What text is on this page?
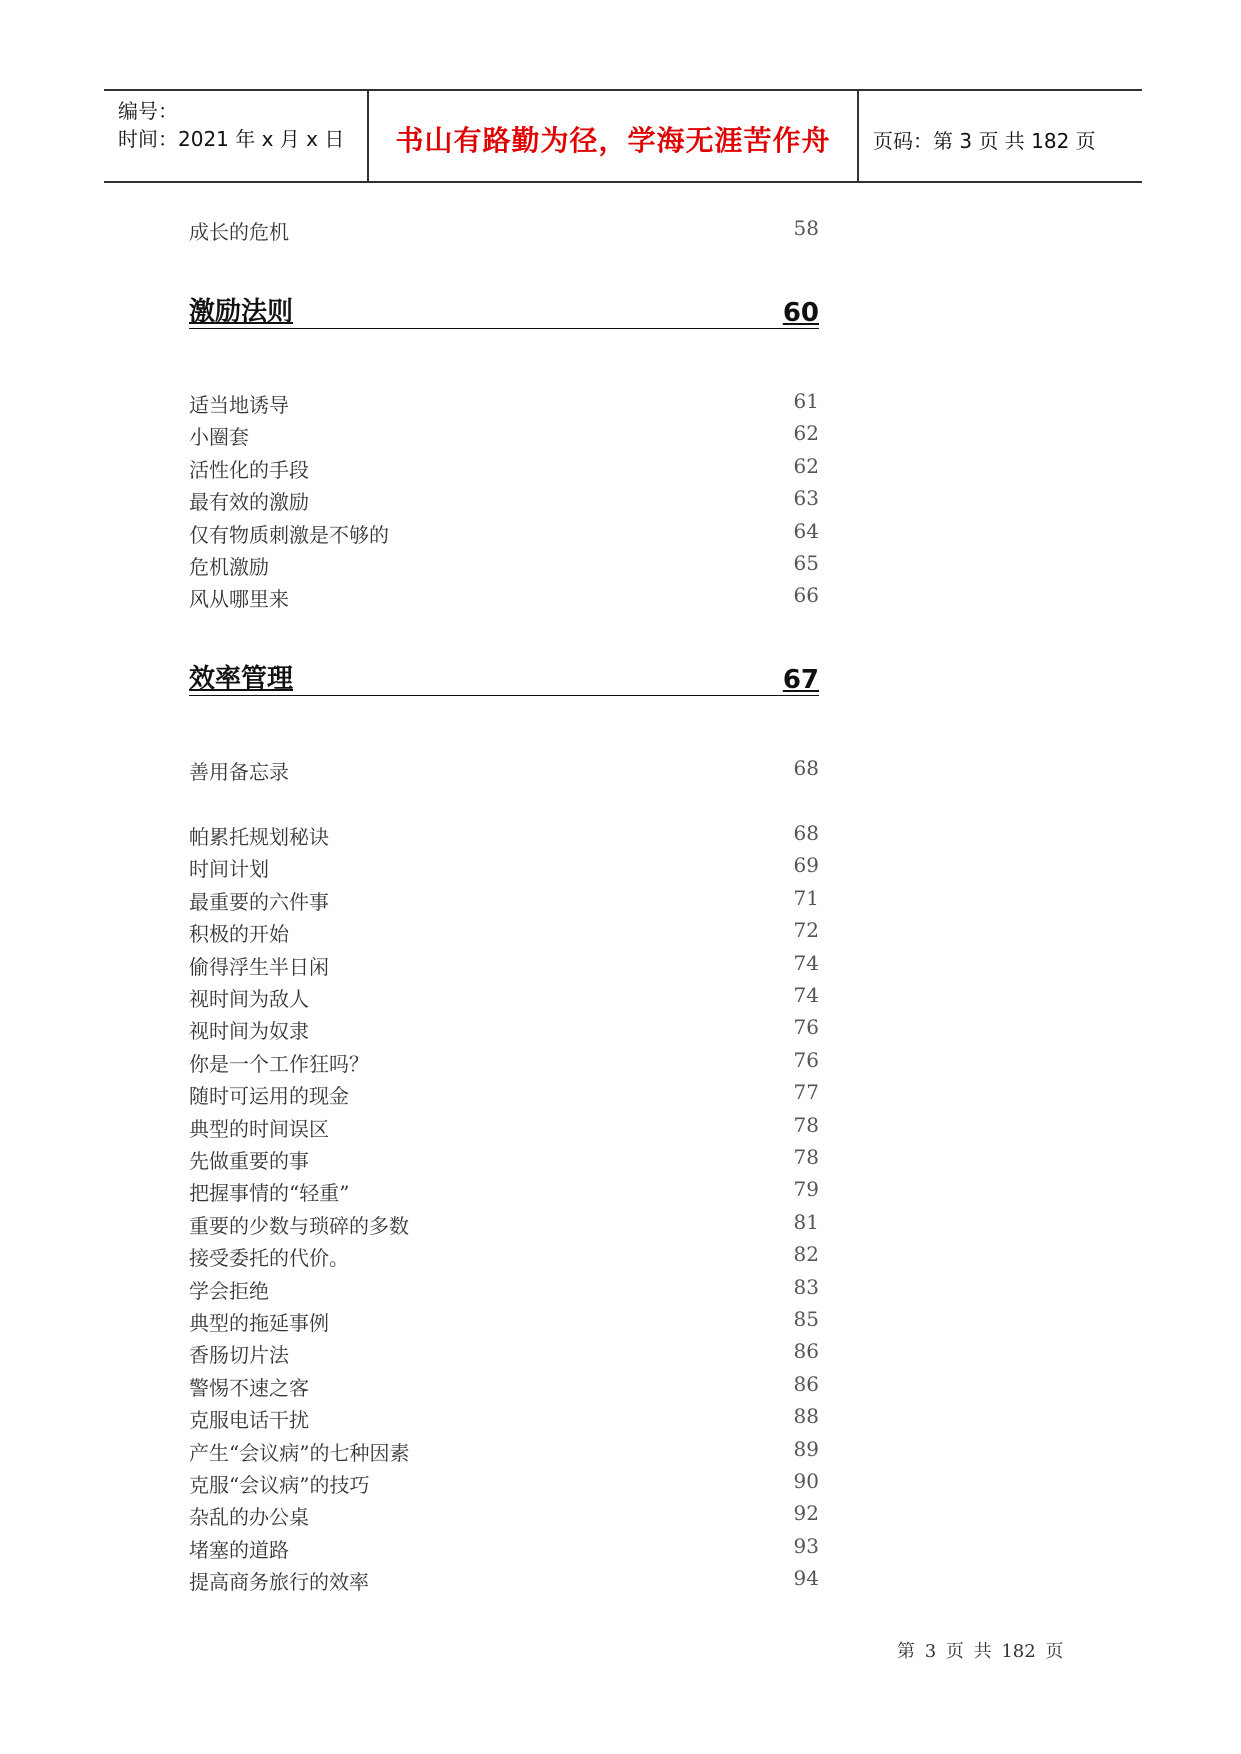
编号：
时间：2021 年 x 月 x 日	书山有路勤为径，学海无涯苦作舟	页码：第 3 页 共 182 页
成长的危机	58
激励法则	60
适当地诱导	61
小圈套	62
活性化的手段	62
最有效的激励	63
仅有物质刺激是不够的	64
危机激励	65
风从哪里来	66
效率管理	67
善用备忘录	68
帕累托规划秘诀	68
时间计划	69
最重要的六件事	71
积极的开始	72
偷得浮生半日闲	74
视时间为敌人	74
视时间为奴隶	76
你是一个工作狂吗？	76
随时可运用的现金	77
典型的时间误区	78
先做重要的事	78
把握事情的“轻重”	79
重要的少数与琐碎的多数	81
接受委托的代价。	82
学会拒绝	83
典型的拖延事例	85
香肠切片法	86
警惕不速之客	86
克服电话干扰	88
产生“会议病”的七种因素	89
克服“会议病”的技巧	90
杂乱的办公桌	92
堵塞的道路	93
提高商务旅行的效率	94
第 3 页 共 182 页
